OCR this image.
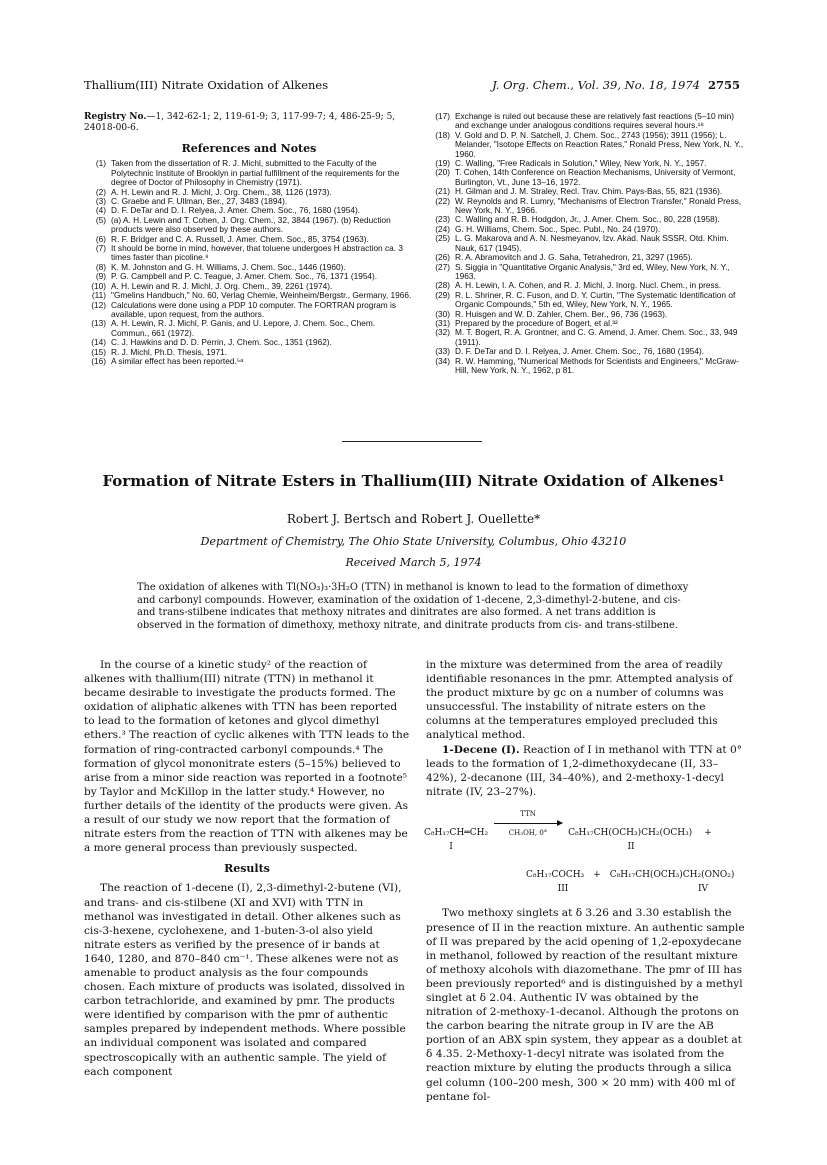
Thallium(III) Nitrate Oxidation of Alkenes	J. Org. Chem., Vol. 39, No. 18, 1974 2755
Registry No.—1, 342-62-1; 2, 119-61-9; 3, 117-99-7; 4, 486-25-9; 5, 24018-00-6.
References and Notes
(1) Taken from the dissertation of R. J. Michl, submitted to the Faculty of the Polytechnic Institute of Brooklyn in partial fulfillment of the requirements for the degree of Doctor of Philosophy in Chemistry (1971).
(2) A. H. Lewin and R. J. Michl, J. Org. Chem., 38, 1126 (1973).
(3) C. Graebe and F. Ullman, Ber., 27, 3483 (1894).
(4) D. F. DeTar and D. I. Relyea, J. Amer. Chem. Soc., 76, 1680 (1954).
(5) (a) A. H. Lewin and T. Cohen, J. Org. Chem., 32, 3844 (1967). (b) Reduction products were also observed by these authors.
(6) R. F. Bridger and C. A. Russell, J. Amer. Chem. Soc., 85, 3754 (1963).
(7) It should be borne in mind, however, that toluene undergoes H abstraction ca. 3 times faster than picoline.⁸
(8) K. M. Johnston and G. H. Williams, J. Chem. Soc., 1446 (1960).
(9) P. G. Campbell and P. C. Teague, J. Amer. Chem. Soc., 76, 1371 (1954).
(10) A. H. Lewin and R. J. Michl, J. Org. Chem., 39, 2261 (1974).
(11) "Gmelins Handbuch," No. 60, Verlag Chemie, Weinheim/Bergstr., Germany, 1966.
(12) Calculations were done using a PDP 10 computer. The FORTRAN program is available, upon request, from the authors.
(13) A. H. Lewin, R. J. Michl, P. Ganis, and U. Lepore, J. Chem. Soc., Chem. Commun., 661 (1972).
(14) C. J. Hawkins and D. D. Perrin, J. Chem. Soc., 1351 (1962).
(15) R. J. Michl, Ph.D. Thesis, 1971.
(16) A similar effect has been reported.⁵ᵃ
(17) Exchange is ruled out because these are relatively fast reactions (5–10 min) and exchange under analogous conditions requires several hours.¹⁸
(18) V. Gold and D. P. N. Satchell, J. Chem. Soc., 2743 (1956); 3911 (1956); L. Melander, "Isotope Effects on Reaction Rates," Ronald Press, New York, N. Y., 1960.
(19) C. Walling, "Free Radicals in Solution," Wiley, New York, N. Y., 1957.
(20) T. Cohen, 14th Conference on Reaction Mechanisms, University of Vermont, Burlington, Vt., June 13–16, 1972.
(21) H. Gilman and J. M. Straley, Recl. Trav. Chim. Pays-Bas, 55, 821 (1936).
(22) W. Reynolds and R. Lumry, "Mechanisms of Electron Transfer," Ronald Press, New York, N. Y., 1966.
(23) C. Walling and R. B. Hodgdon, Jr., J. Amer. Chem. Soc., 80, 228 (1958).
(24) G. H. Williams, Chem. Soc., Spec. Publ., No. 24 (1970).
(25) L. G. Makarova and A. N. Nesmeyanov, Izv. Akad. Nauk SSSR, Otd. Khim. Nauk, 617 (1945).
(26) R. A. Abramovitch and J. G. Saha, Tetrahedron, 21, 3297 (1965).
(27) S. Siggia in "Quantitative Organic Analysis," 3rd ed, Wiley, New York, N. Y., 1963.
(28) A. H. Lewin, I. A. Cohen, and R. J. Michl, J. Inorg. Nucl. Chem., in press.
(29) R. L. Shriner, R. C. Fuson, and D. Y. Curtin, "The Systematic Identification of Organic Compounds," 5th ed, Wiley, New York, N. Y., 1965.
(30) R. Huisgen and W. D. Zahler, Chem. Ber., 96, 736 (1963).
(31) Prepared by the procedure of Bogert, et al.³²
(32) M. T. Bogert, R. A. Grontner, and C. G. Amend, J. Amer. Chem. Soc., 33, 949 (1911).
(33) D. F. DeTar and D. I. Relyea, J. Amer. Chem. Soc., 76, 1680 (1954).
(34) R. W. Hamming, "Numerical Methods for Scientists and Engineers," McGraw-Hill, New York, N. Y., 1962, p 81.
Formation of Nitrate Esters in Thallium(III) Nitrate Oxidation of Alkenes¹
Robert J. Bertsch and Robert J. Ouellette*
Department of Chemistry, The Ohio State University, Columbus, Ohio 43210
Received March 5, 1974
The oxidation of alkenes with Tl(NO₃)₃·3H₂O (TTN) in methanol is known to lead to the formation of dimethoxy and carbonyl compounds. However, examination of the oxidation of 1-decene, 2,3-dimethyl-2-butene, and cis- and trans-stilbene indicates that methoxy nitrates and dinitrates are also formed. A net trans addition is observed in the formation of dimethoxy, methoxy nitrate, and dinitrate products from cis- and trans-stilbene.

In the course of a kinetic study² of the reaction of alkenes with thallium(III) nitrate (TTN) in methanol it became desirable to investigate the products formed. The oxidation of aliphatic alkenes with TTN has been reported to lead to the formation of ketones and glycol dimethyl ethers.³ The reaction of cyclic alkenes with TTN leads to the formation of ring-contracted carbonyl compounds.⁴ The formation of glycol mononitrate esters (5–15%) believed to arise from a minor side reaction was reported in a footnote⁵ by Taylor and McKillop in the latter study.⁴ However, no further details of the identity of the products were given. As a result of our study we now report that the formation of nitrate esters from the reaction of TTN with alkenes may be a more general process than previously suspected.

Results

The reaction of 1-decene (I), 2,3-dimethyl-2-butene (VI), and trans- and cis-stilbene (XI and XVI) with TTN in methanol was investigated in detail. Other alkenes such as cis-3-hexene, cyclohexene, and 1-buten-3-ol also yield nitrate esters as verified by the presence of ir bands at 1640, 1280, and 870–840 cm⁻¹. These alkenes were not as amenable to product analysis as the four compounds chosen. Each mixture of products was isolated, dissolved in carbon tetrachloride, and examined by pmr. The products were identified by comparison with the pmr of authentic samples prepared by independent methods. Where possible an individual component was isolated and compared spectroscopically with an authentic sample. The yield of each component

in the mixture was determined from the area of readily identifiable resonances in the pmr. Attempted analysis of the product mixture by gc on a number of columns was unsuccessful. The instability of nitrate esters on the columns at the temperatures employed precluded this analytical method.

1-Decene (I). Reaction of I in methanol with TTN at 0° leads to the formation of 1,2-dimethoxydecane (II, 33–42%), 2-decanone (III, 34–40%), and 2-methoxy-1-decyl nitrate (IV, 23–27%).

C₈H₁₇CH═CH₂
TTN
CH₃OH, 0°	C₈H₁₇CH(OCH₃)CH₂(OCH₃) +
I	II
C₈H₁₇COCH₃ + C₈H₁₇CH(OCH₃)CH₂(ONO₂)
III	IV

Two methoxy singlets at δ 3.26 and 3.30 establish the presence of II in the reaction mixture. An authentic sample of II was prepared by the acid opening of 1,2-epoxydecane in methanol, followed by reaction of the resultant mixture of methoxy alcohols with diazomethane. The pmr of III has been previously reported⁶ and is distinguished by a methyl singlet at δ 2.04. Authentic IV was obtained by the nitration of 2-methoxy-1-decanol. Although the protons on the carbon bearing the nitrate group in IV are the AB portion of an ABX spin system, they appear as a doublet at δ 4.35. 2-Methoxy-1-decyl nitrate was isolated from the reaction mixture by eluting the products through a silica gel column (100–200 mesh, 300 × 20 mm) with 400 ml of pentane fol-
